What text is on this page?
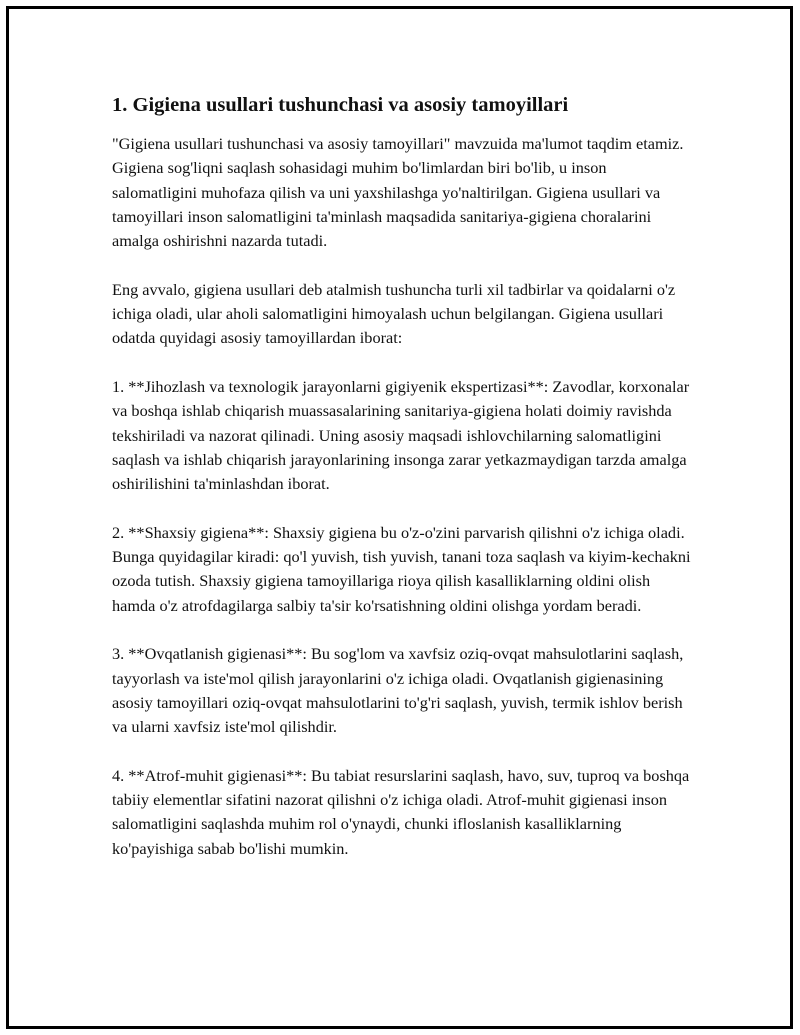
1. Gigiena usullari tushunchasi va asosiy tamoyillari

"Gigiena usullari tushunchasi va asosiy tamoyillari" mavzuida ma'lumot taqdim etamiz. Gigiena sog'liqni saqlash sohasidagi muhim bo'limlardan biri bo'lib, u inson salomatligini muhofaza qilish va uni yaxshilashga yo'naltirilgan. Gigiena usullari va tamoyillari inson salomatligini ta'minlash maqsadida sanitariya-gigiena choralarini amalga oshirishni nazarda tutadi.

Eng avvalo, gigiena usullari deb atalmish tushuncha turli xil tadbirlar va qoidalarni o'z ichiga oladi, ular aholi salomatligini himoyalash uchun belgilangan. Gigiena usullari odatda quyidagi asosiy tamoyillardan iborat:

1. **Jihozlash va texnologik jarayonlarni gigiyenik ekspertizasi**: Zavodlar, korxonalar va boshqa ishlab chiqarish muassasalarining sanitariya-gigiena holati doimiy ravishda tekshiriladi va nazorat qilinadi. Uning asosiy maqsadi ishlovchilarning salomatligini saqlash va ishlab chiqarish jarayonlarining insonga zarar yetkazmaydigan tarzda amalga oshirilishini ta'minlashdan iborat.

2. **Shaxsiy gigiena**: Shaxsiy gigiena bu o'z-o'zini parvarish qilishni o'z ichiga oladi. Bunga quyidagilar kiradi: qo'l yuvish, tish yuvish, tanani toza saqlash va kiyim-kechakni ozoda tutish. Shaxsiy gigiena tamoyillariga rioya qilish kasalliklarning oldini olish hamda o'z atrofdagilarga salbiy ta'sir ko'rsatishning oldini olishga yordam beradi.

3. **Ovqatlanish gigienasi**: Bu sog'lom va xavfsiz oziq-ovqat mahsulotlarini saqlash, tayyorlash va iste'mol qilish jarayonlarini o'z ichiga oladi. Ovqatlanish gigienasining asosiy tamoyillari oziq-ovqat mahsulotlarini to'g'ri saqlash, yuvish, termik ishlov berish va ularni xavfsiz iste'mol qilishdir.

4. **Atrof-muhit gigienasi**: Bu tabiat resurslarini saqlash, havo, suv, tuproq va boshqa tabiiy elementlar sifatini nazorat qilishni o'z ichiga oladi. Atrof-muhit gigienasi inson salomatligini saqlashda muhim rol o'ynaydi, chunki ifloslanish kasalliklarning ko'payishiga sabab bo'lishi mumkin.
